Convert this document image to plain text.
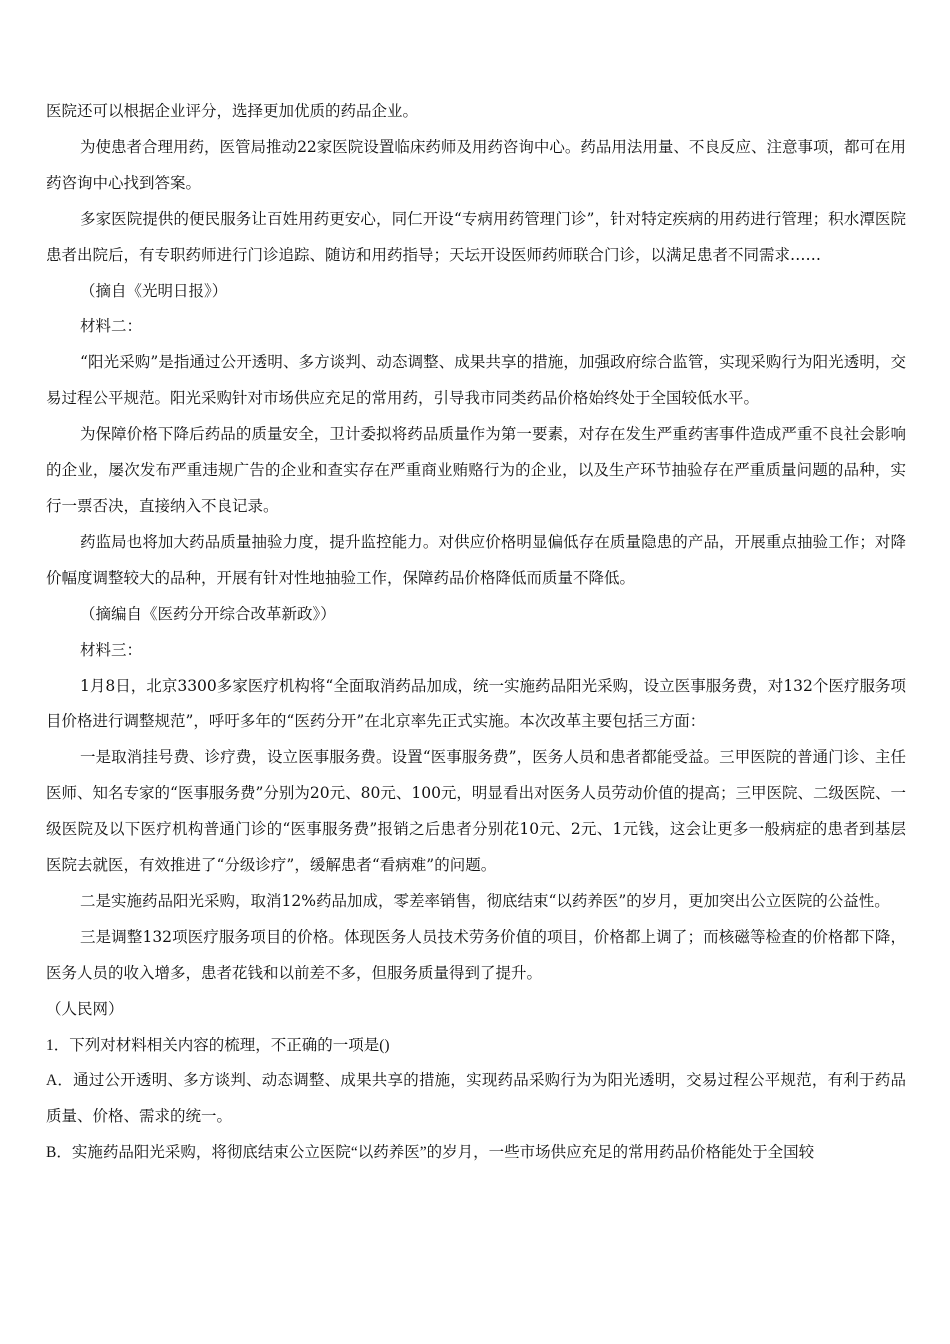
医院还可以根据企业评分，选择更加优质的药品企业。

为使患者合理用药，医管局推动22家医院设置临床药师及用药咨询中心。药品用法用量、不良反应、注意事项，都可在用药咨询中心找到答案。

多家医院提供的便民服务让百姓用药更安心，同仁开设“专病用药管理门诊”，针对特定疾病的用药进行管理；积水潭医院患者出院后，有专职药师进行门诊追踪、随访和用药指导；天坛开设医师药师联合门诊，以满足患者不同需求……

（摘自《光明日报》）

材料二：

“阳光采购”是指通过公开透明、多方谈判、动态调整、成果共享的措施，加强政府综合监管，实现采购行为阳光透明，交易过程公平规范。阳光采购针对市场供应充足的常用药，引导我市同类药品价格始终处于全国较低水平。

为保障价格下降后药品的质量安全，卫计委拟将药品质量作为第一要素，对存在发生严重药害事件造成严重不良社会影响的企业，屡次发布严重违规广告的企业和查实存在严重商业贿赂行为的企业，以及生产环节抽验存在严重质量问题的品种，实行一票否决，直接纳入不良记录。

药监局也将加大药品质量抽验力度，提升监控能力。对供应价格明显偏低存在质量隐患的产品，开展重点抽验工作；对降价幅度调整较大的品种，开展有针对性地抽验工作，保障药品价格降低而质量不降低。

（摘编自《医药分开综合改革新政》）

材料三：

1月8日，北京3300多家医疗机构将“全面取消药品加成，统一实施药品阳光采购，设立医事服务费，对132个医疗服务项目价格进行调整规范”，呼吁多年的“医药分开”在北京率先正式实施。本次改革主要包括三方面：

一是取消挂号费、诊疗费，设立医事服务费。设置“医事服务费”，医务人员和患者都能受益。三甲医院的普通门诊、主任医师、知名专家的“医事服务费”分别为20元、80元、100元，明显看出对医务人员劳动价值的提高；三甲医院、二级医院、一级医院及以下医疗机构普通门诊的“医事服务费”报销之后患者分别花10元、2元、1元钱，这会让更多一般病症的患者到基层医院去就医，有效推进了“分级诊疗”，缓解患者“看病难”的问题。

二是实施药品阳光采购，取消12%药品加成，零差率销售，彻底结束“以药养医”的岁月，更加突出公立医院的公益性。

三是调整132项医疗服务项目的价格。体现医务人员技术劳务价值的项目，价格都上调了；而核磁等检查的价格都下降，医务人员的收入增多，患者花钱和以前差不多，但服务质量得到了提升。

（人民网）

1．下列对材料相关内容的梳理，不正确的一项是()

A．通过公开透明、多方谈判、动态调整、成果共享的措施，实现药品采购行为为阳光透明，交易过程公平规范，有利于药品质量、价格、需求的统一。

B．实施药品阳光采购，将彻底结束公立医院“以药养医”的岁月，一些市场供应充足的常用药品价格能处于全国较
